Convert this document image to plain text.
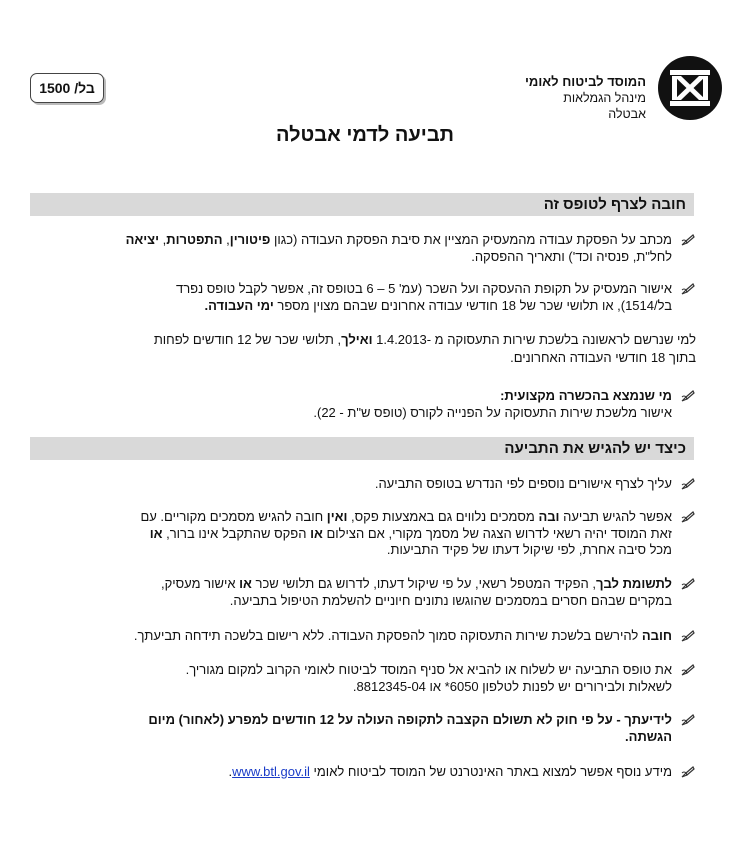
המוסד לביטוח לאומי
מינהל הגמלאות
אבטלה
בל/ 1500
תביעה לדמי אבטלה
חובה לצרף לטופס זה
מכתב על הפסקת עבודה מהמעסיק המציין את סיבת הפסקת העבודה (כגון פיטורין, התפטרות, יציאה
לחל"ת, פנסיה וכד') ותאריך ההפסקה.
אישור המעסיק על תקופת ההעסקה ועל השכר (עמ' 5 – 6 בטופס זה, אפשר לקבל טופס נפרד
בל/1514), או תלושי שכר של 18 חודשי עבודה אחרונים שבהם מצוין מספר ימי העבודה.
למי שנרשם לראשונה בלשכת שירות התעסוקה מ -1.4.2013 ואילך, תלושי שכר של 12 חודשים לפחות
בתוך 18 חודשי העבודה האחרונים.
מי שנמצא בהכשרה מקצועית:
אישור מלשכת שירות התעסוקה על הפנייה לקורס (טופס ש"ת - 22).
כיצד יש להגיש את התביעה
עליך לצרף אישורים נוספים לפי הנדרש בטופס התביעה.
אפשר להגיש תביעה ובה מסמכים נלווים גם באמצעות פקס, ואין חובה להגיש מסמכים מקוריים. עם
זאת המוסד יהיה רשאי לדרוש הצגה של מסמך מקורי, אם הצילום או הפקס שהתקבל אינו ברור, או
מכל סיבה אחרת, לפי שיקול דעתו של פקיד התביעות.
לתשומת לבך, הפקיד המטפל רשאי, על פי שיקול דעתו, לדרוש גם תלושי שכר או אישור מעסיק,
במקרים שבהם חסרים במסמכים שהוגשו נתונים חיוניים להשלמת הטיפול בתביעה.
חובה להירשם בלשכת שירות התעסוקה סמוך להפסקת העבודה. ללא רישום בלשכה תידחה תביעתך.
את טופס התביעה יש לשלוח או להביא אל סניף המוסד לביטוח לאומי הקרוב למקום מגוריך.
לשאלות ולבירורים יש לפנות לטלפון 6050* או 8812345-04.
לידיעתך - על פי חוק לא תשולם הקצבה לתקופה העולה על 12 חודשים למפרע (לאחור) מיום
הגשתה.
מידע נוסף אפשר למצוא באתר האינטרנט של המוסד לביטוח לאומי www.btl.gov.il.
